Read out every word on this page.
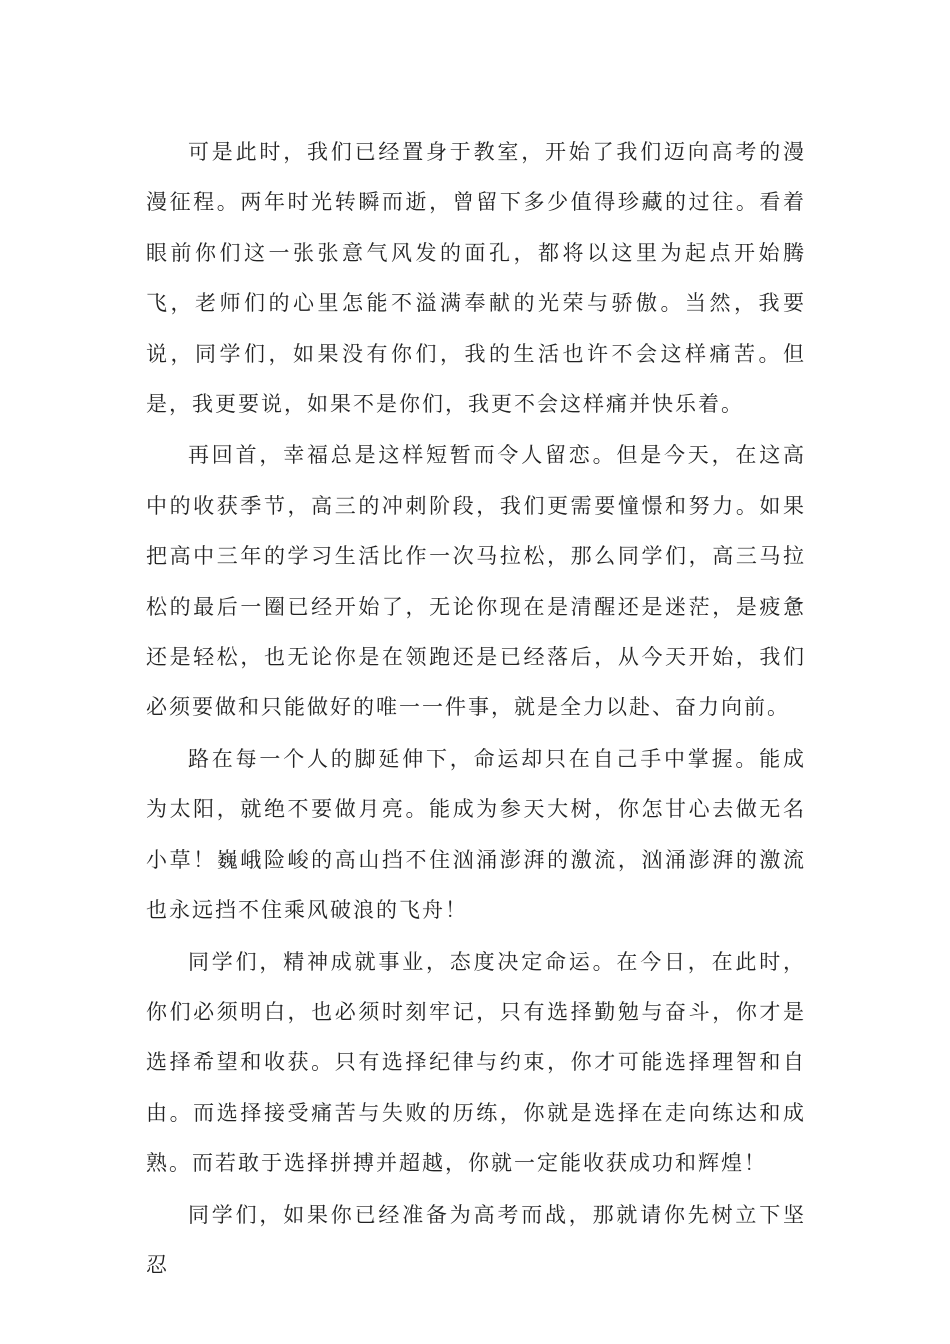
可是此时，我们已经置身于教室，开始了我们迈向高考的漫漫征程。两年时光转瞬而逝，曾留下多少值得珍藏的过往。看着眼前你们这一张张意气风发的面孔，都将以这里为起点开始腾飞，老师们的心里怎能不溢满奉献的光荣与骄傲。当然，我要说，同学们，如果没有你们，我的生活也许不会这样痛苦。但是，我更要说，如果不是你们，我更不会这样痛并快乐着。

再回首，幸福总是这样短暂而令人留恋。但是今天，在这高中的收获季节，高三的冲刺阶段，我们更需要憧憬和努力。如果把高中三年的学习生活比作一次马拉松，那么同学们，高三马拉松的最后一圈已经开始了，无论你现在是清醒还是迷茫，是疲惫还是轻松，也无论你是在领跑还是已经落后，从今天开始，我们必须要做和只能做好的唯一一件事，就是全力以赴、奋力向前。

路在每一个人的脚延伸下，命运却只在自己手中掌握。能成为太阳，就绝不要做月亮。能成为参天大树，你怎甘心去做无名小草！巍峨险峻的高山挡不住汹涌澎湃的激流，汹涌澎湃的激流也永远挡不住乘风破浪的飞舟！

同学们，精神成就事业，态度决定命运。在今日，在此时，你们必须明白，也必须时刻牢记，只有选择勤勉与奋斗，你才是选择希望和收获。只有选择纪律与约束，你才可能选择理智和自由。而选择接受痛苦与失败的历练，你就是选择在走向练达和成熟。而若敢于选择拼搏并超越，你就一定能收获成功和辉煌！

同学们，如果你已经准备为高考而战，那就请你先树立下坚忍
